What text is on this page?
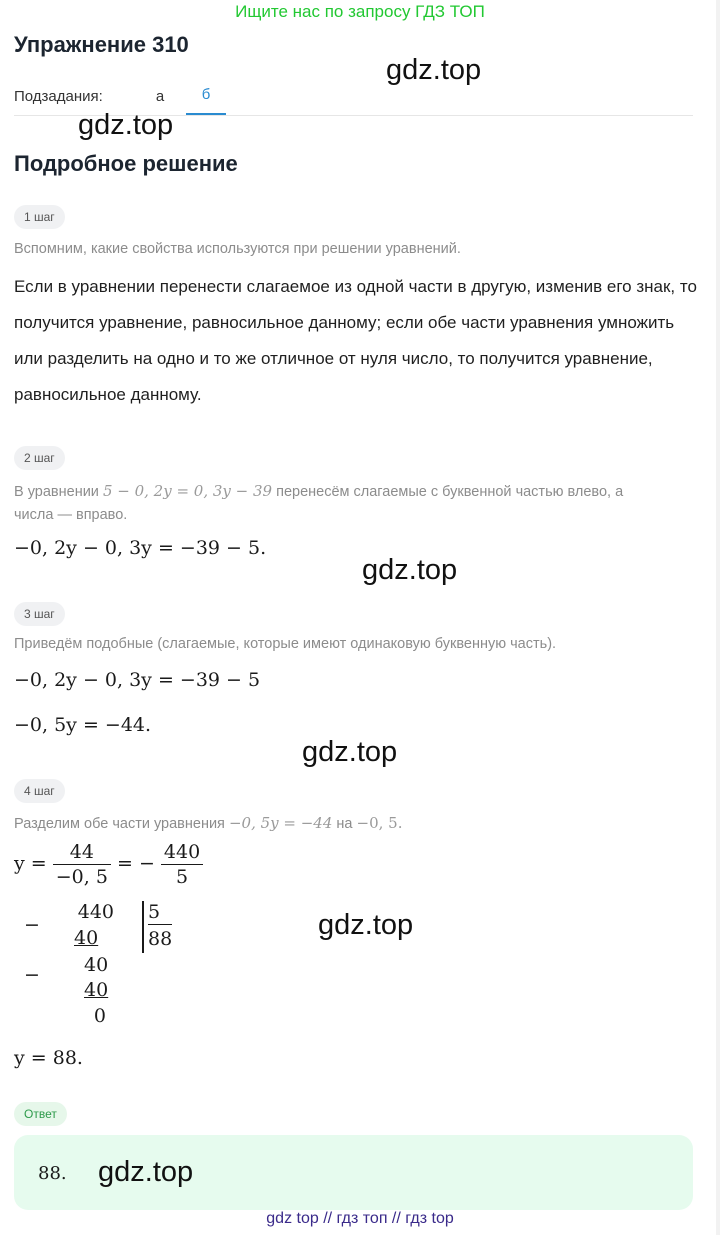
Ищите нас по запросу ГДЗ ТОП
Упражнение 310
gdz.top
Подзадания:	а	б
gdz.top
Подробное решение
1 шаг
Вспомним, какие свойства используются при решении уравнений.
Если в уравнении перенести слагаемое из одной части в другую, изменив его знак, то получится уравнение, равносильное данному; если обе части уравнения умножить или разделить на одно и то же отличное от нуля число, то получится уравнение, равносильное данному.
2 шаг
В уравнении 5 − 0, 2y = 0, 3y − 39 перенесём слагаемые с буквенной частью влево, а
числа — вправо.
−0, 2y − 0, 3y = −39 − 5.
gdz.top
3 шаг
Приведём подобные (слагаемые, которые имеют одинаковую буквенную часть).
−0, 2y − 0, 3y = −39 − 5
−0, 5y = −44.
gdz.top
4 шаг
Разделим обе части уравнения −0, 5y = −44 на −0, 5.
$y = \frac{44}{-0, 5}$ = − $\frac{440}{5}$
−
440
40
5
88
− 40
40
0
gdz.top
y = 88.
Ответ
88. gdz.top
gdz top // гдз топ // гдз top
